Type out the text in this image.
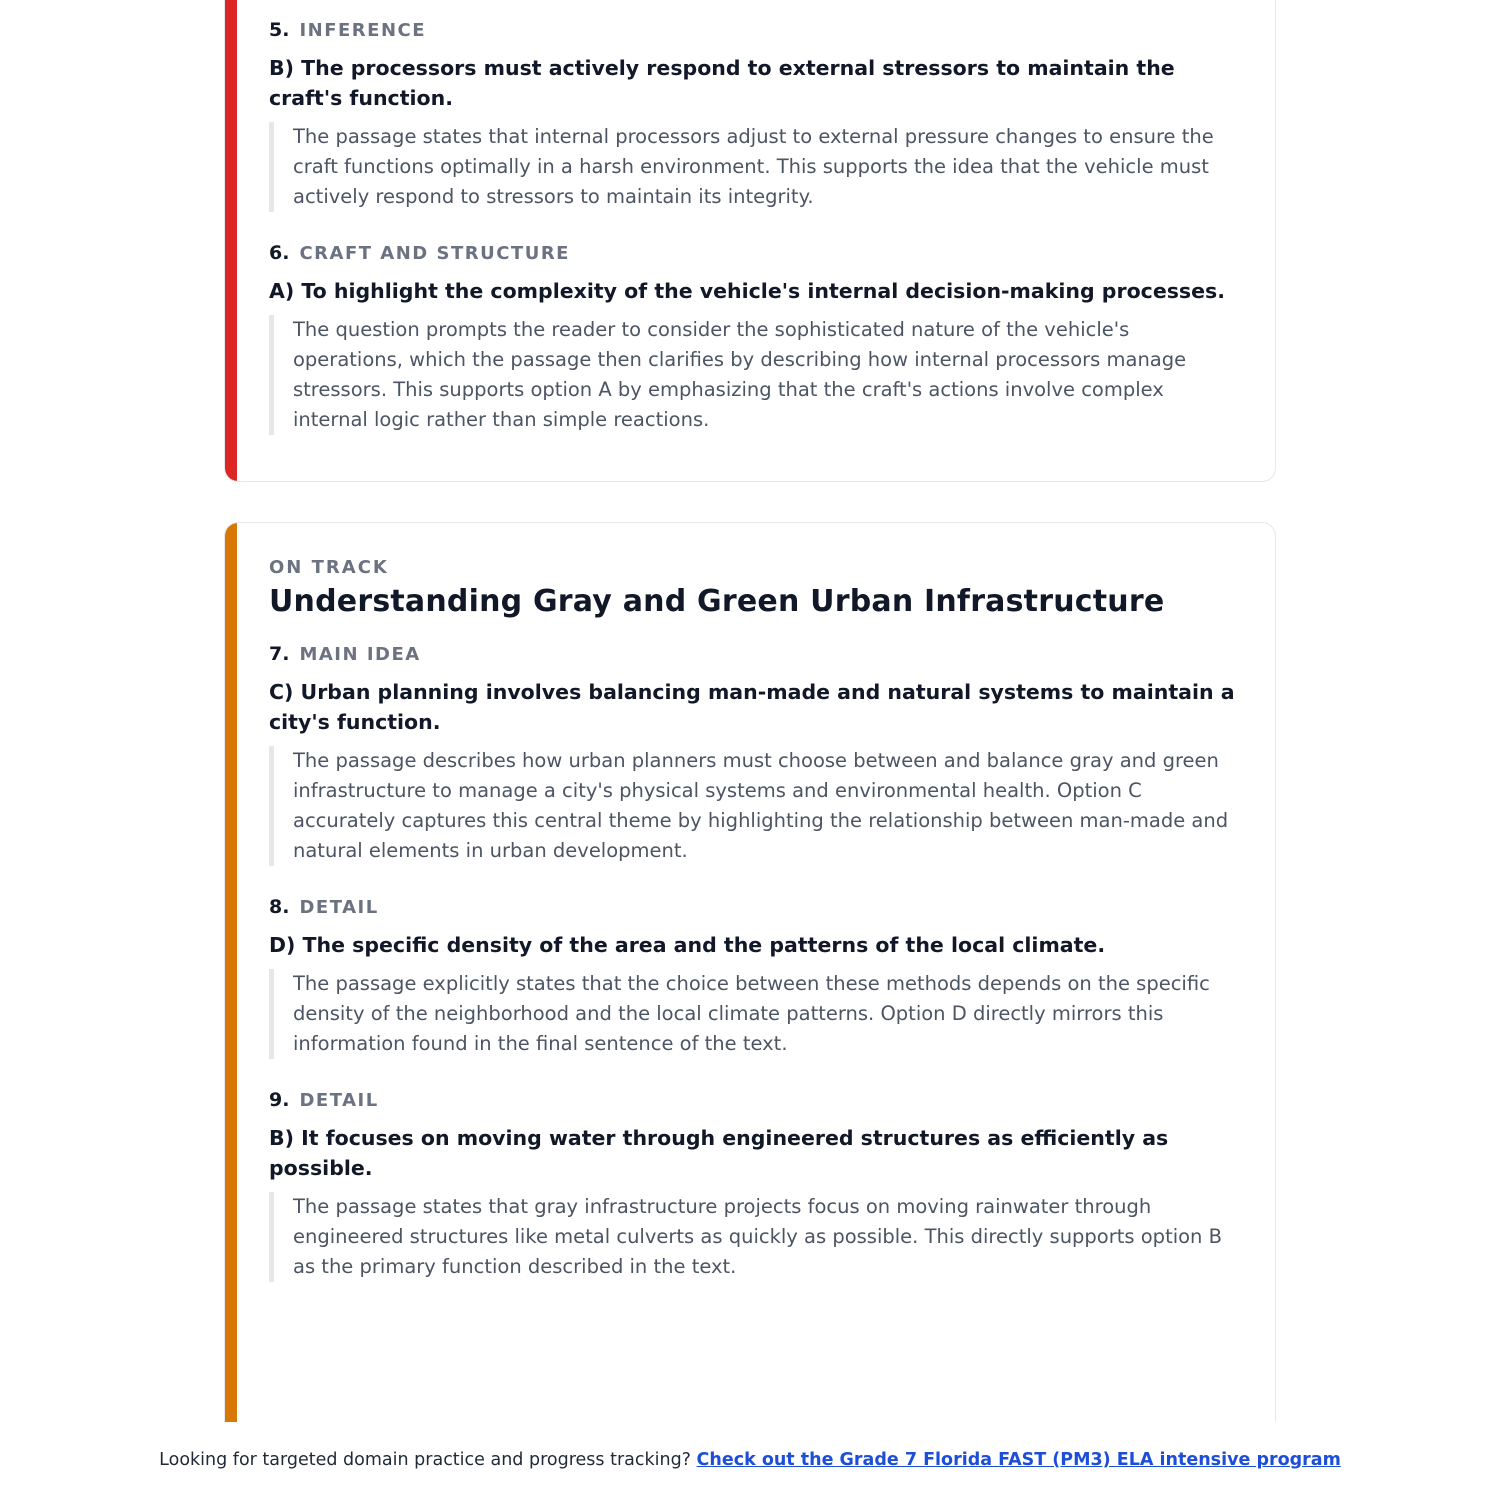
5. INFERENCE
B) The processors must actively respond to external stressors to maintain the craft's function.
The passage states that internal processors adjust to external pressure changes to ensure the craft functions optimally in a harsh environment. This supports the idea that the vehicle must actively respond to stressors to maintain its integrity.
6. CRAFT AND STRUCTURE
A) To highlight the complexity of the vehicle's internal decision-making processes.
The question prompts the reader to consider the sophisticated nature of the vehicle's operations, which the passage then clarifies by describing how internal processors manage stressors. This supports option A by emphasizing that the craft's actions involve complex internal logic rather than simple reactions.
ON TRACK
Understanding Gray and Green Urban Infrastructure
7. MAIN IDEA
C) Urban planning involves balancing man-made and natural systems to maintain a city's function.
The passage describes how urban planners must choose between and balance gray and green infrastructure to manage a city's physical systems and environmental health. Option C accurately captures this central theme by highlighting the relationship between man-made and natural elements in urban development.
8. DETAIL
D) The specific density of the area and the patterns of the local climate.
The passage explicitly states that the choice between these methods depends on the specific density of the neighborhood and the local climate patterns. Option D directly mirrors this information found in the final sentence of the text.
9. DETAIL
B) It focuses on moving water through engineered structures as efficiently as possible.
The passage states that gray infrastructure projects focus on moving rainwater through engineered structures like metal culverts as quickly as possible. This directly supports option B as the primary function described in the text.
Looking for targeted domain practice and progress tracking? Check out the Grade 7 Florida FAST (PM3) ELA intensive program
